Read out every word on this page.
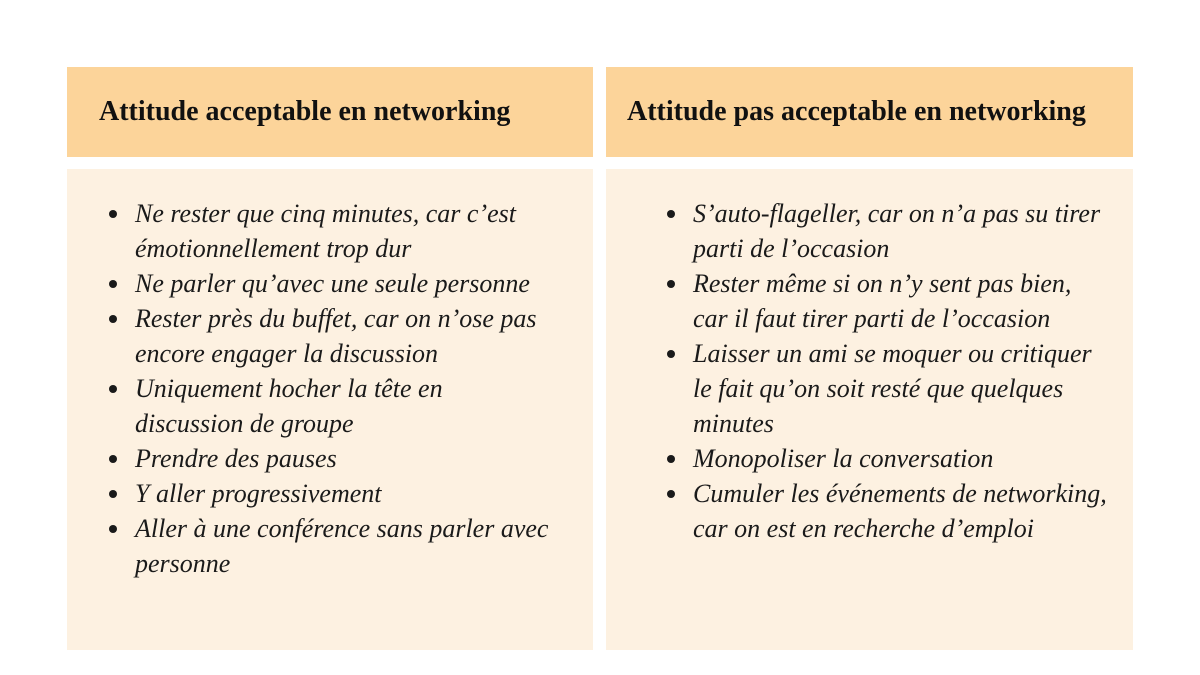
Attitude acceptable en networking	Attitude pas acceptable en networking
Ne rester que cinq minutes, car c’est émotionnellement trop dur
Ne parler qu’avec une seule personne
Rester près du buffet, car on n’ose pas encore engager la discussion
Uniquement hocher la tête en discussion de groupe
Prendre des pauses
Y aller progressivement
Aller à une conférence sans parler avec personne
S’auto-flageller, car on n’a pas su tirer parti de l’occasion
Rester même si on n’y sent pas bien, car il faut tirer parti de l’occasion
Laisser un ami se moquer ou critiquer le fait qu’on soit resté que quelques minutes
Monopoliser la conversation
Cumuler les événements de networking, car on est en recherche d’emploi
